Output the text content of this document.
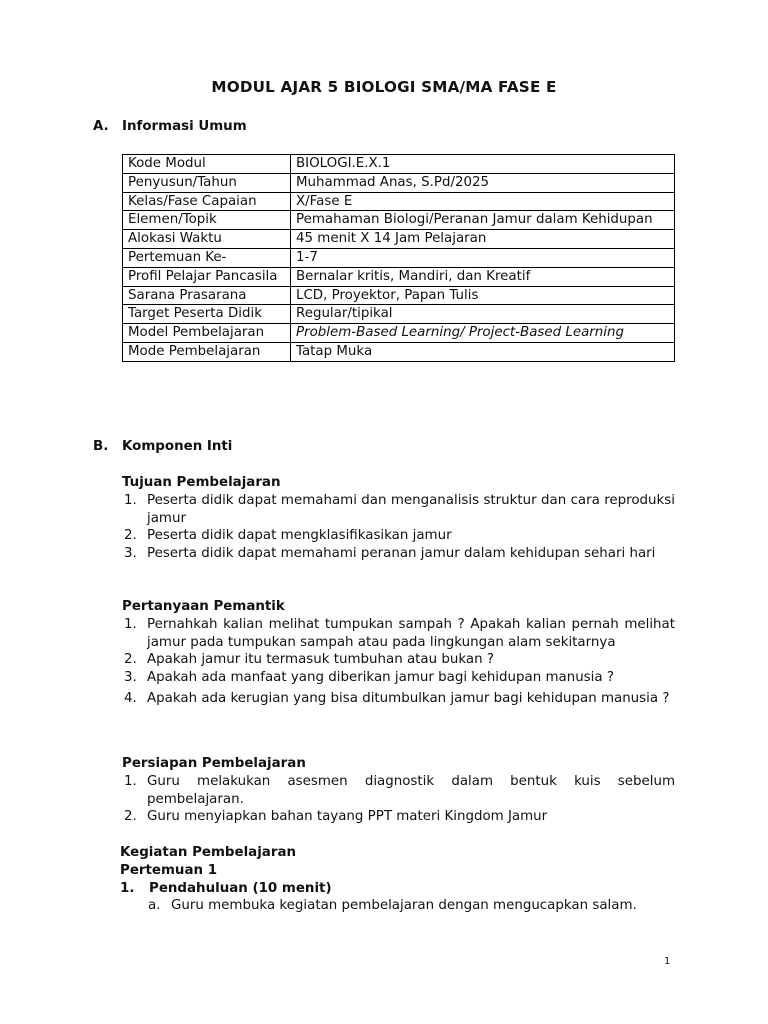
MODUL AJAR 5 BIOLOGI SMA/MA FASE E
A. Informasi Umum
Kode Modul	BIOLOGI.E.X.1
Penyusun/Tahun	Muhammad Anas, S.Pd/2025
Kelas/Fase Capaian	X/Fase E
Elemen/Topik	Pemahaman Biologi/Peranan Jamur dalam Kehidupan
Alokasi Waktu	45 menit X 14 Jam Pelajaran
Pertemuan Ke-	1-7
Profil Pelajar Pancasila	Bernalar kritis, Mandiri, dan Kreatif
Sarana Prasarana	LCD, Proyektor, Papan Tulis
Target Peserta Didik	Regular/tipikal
Model Pembelajaran	Problem-Based Learning/ Project-Based Learning
Mode Pembelajaran	Tatap Muka
B. Komponen Inti
Tujuan Pembelajaran
1. Peserta didik dapat memahami dan menganalisis struktur dan cara reproduksi jamur
2. Peserta didik dapat mengklasifikasikan jamur
3. Peserta didik dapat memahami peranan jamur dalam kehidupan sehari hari
Pertanyaan Pemantik
1. Pernahkah kalian melihat tumpukan sampah ? Apakah kalian pernah melihat jamur pada tumpukan sampah atau pada lingkungan alam sekitarnya
2. Apakah jamur itu termasuk tumbuhan atau bukan ?
3. Apakah ada manfaat yang diberikan jamur bagi kehidupan manusia ?
4. Apakah ada kerugian yang bisa ditumbulkan jamur bagi kehidupan manusia ?
Persiapan Pembelajaran
1. Guru melakukan asesmen diagnostik dalam bentuk kuis sebelum pembelajaran.
2. Guru menyiapkan bahan tayang PPT materi Kingdom Jamur
Kegiatan Pembelajaran
Pertemuan 1
1. Pendahuluan (10 menit)
a. Guru membuka kegiatan pembelajaran dengan mengucapkan salam.
1
